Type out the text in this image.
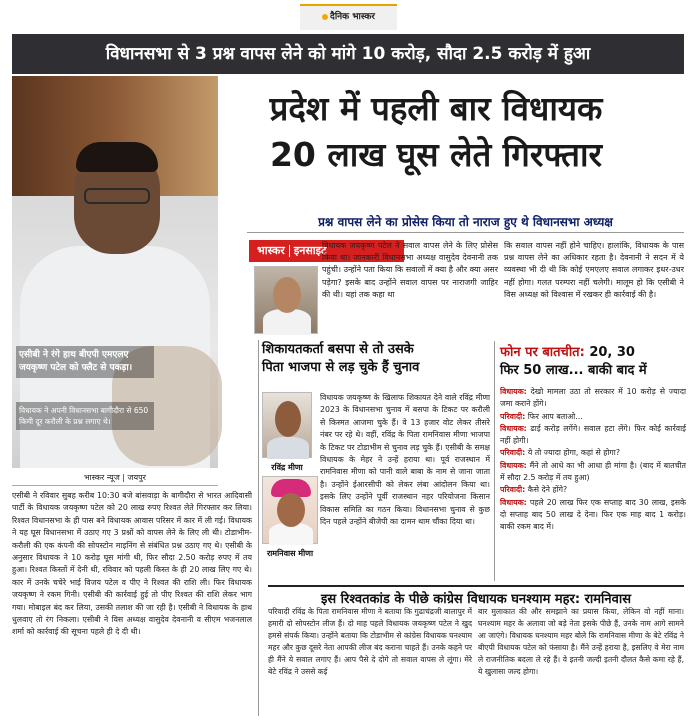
दैनिक भास्कर
विधानसभा से 3 प्रश्न वापस लेने को मांगे 10 करोड़, सौदा 2.5 करोड़ में हुआ
एसीबी ने रंगे हाथ बीएपी एमएलए जयकृष्ण पटेल को फ्लैट से पकड़ा।
विधायक ने अपनी विधानसभा बागीदौरा से 650 किमी दूर करौली के प्रश्न लगाए थे।
प्रदेश में पहली बार विधायक
20 लाख घूस लेते गिरफ्तार
प्रश्न वापस लेने का प्रोसेस किया तो नाराज हुए थे विधानसभा अध्यक्ष
भास्कर इनसाइट
विधायक जयकृष्ण पटेल ने सवाल वापस लेने के लिए प्रोसेस किया था। जानकारी विधानसभा अध्यक्ष वासुदेव देवनानी तक पहुंची। उन्होंने पता किया कि सवालों में क्या है और क्या असर पड़ेगा? इसके बाद उन्होंने सवाल वापस पर नाराजगी जाहिर की थी। यहां तक कहा था
कि सवाल वापस नहीं होने चाहिए। हालांकि, विधायक के पास प्रश्न वापस लेने का अधिकार रहता है। देवनानी ने सदन में ये व्यवस्था भी दी थी कि कोई एमएलए सवाल लगाकर इधर-उधर नहीं होगा। गलत परम्परा नहीं चलेगी। मालूम हो कि एसीबी ने विस अध्यक्ष को विश्वास में रखकर ही कार्रवाई की है।
भास्कर न्यूज | जयपुर
एसीबी ने रविवार सुबह करीब 10:30 बजे बांसवाड़ा के बागीदौरा से भारत आदिवासी पार्टी के विधायक जयकृष्ण पटेल को 20 लाख रुपए रिश्वत लेते गिरफ्तार कर लिया। रिश्वत विधानसभा के ही पास बने विधायक आवास परिसर में कार में ली गई। विधायक ने यह घूस विधानसभा में उठाए गए 3 प्रश्नों को वापस लेने के लिए ली थी। टोडाभीम-करौली की एक कंपनी की सोपस्टोन माइनिंग से संबंधित प्रश्न उठाए गए थे। एसीबी के अनुसार विधायक ने 10 करोड़ घूस मांगी थी, फिर सौदा 2.50 करोड़ रुपए में तय हुआ। रिश्वत किस्तों में देनी थी, रविवार को पहली किस्त के ही 20 लाख लिए गए थे। कार में उनके चचेरे भाई विजय पटेल व पीए ने रिश्वत की राशि ली। फिर विधायक जयकृष्ण ने रकम गिनी। एसीबी की कार्रवाई हुई तो पीए रिश्वत की राशि लेकर भाग गया। मोबाइल बंद कर लिया, उसकी तलाश की जा रही है। एसीबी ने विधायक के हाथ धुलवाए तो रंग निकला। एसीबी ने विस अध्यक्ष वासुदेव देवनानी व सीएम भजनलाल शर्मा को कार्रवाई की सूचना पहले ही दे दी थी।
शिकायतकर्ता बसपा से तो उसके
पिता भाजपा से लड़ चुके हैं चुनाव
रविंद्र मीणा
रामनिवास मीणा
विधायक जयकृष्ण के खिलाफ शिकायत देने वाले रविंद्र मीणा 2023 के विधानसभा चुनाव में बसपा के टिकट पर करौली से किस्मत आजमा चुके हैं। वे 13 हजार वोट लेकर तीसरे नंबर पर रहे थे। वहीं, रविंद्र के पिता रामनिवास मीणा भाजपा के टिकट पर टोडाभीम से चुनाव लड़ चुके हैं। एसीबी के समक्ष विधायक के मेहर ने उन्हें हराया था। पूर्व राजस्थान में रामनिवास मीणा को पानी वाले बाबा के नाम से जाना जाता है। उन्होंने ईआरसीपी को लेकर लंबा आंदोलन किया था। इसके लिए उन्होंने पूर्वी राजस्थान नहर परियोजना किसान विकास समिति का गठन किया। विधानसभा चुनाव से कुछ दिन पहले उन्होंने बीजेपी का दामन थाम चौंका दिया था।
फोन पर बातचीत: 20, 30
फिर 50 लाख... बाकी बाद में
विधायक: देखो मामला उठा तो सरकार में 10 करोड़ से ज्यादा जमा कराने होंगे।
परिवादी: फिर आप बताओ...
विधायक: ढाई करोड़ लगेंगे। सवाल हटा लेंगे। फिर कोई कार्रवाई नहीं होगी।
परिवादी: ये तो ज्यादा होगा, कहां से होगा?
विधायक: मैंने तो आधे का भी आधा ही मांगा है। (बाद में बातचीत में सौदा 2.5 करोड़ में तय हुआ)
परिवादी: कैसे देने होंगे?
विधायक: पहले 20 लाख फिर एक सप्ताह बाद 30 लाख, इसके दो सप्ताह बाद 50 लाख दे देना। फिर एक माह बाद 1 करोड़। बाकी रकम बाद में।
इस रिश्वतकांड के पीछे कांग्रेस विधायक घनश्याम महर: रामनिवास
परिवादी रविंद्र के पिता रामनिवास मीणा ने बताया कि गुढाचंद्रजी बालापुर में हमारी दो सोपस्टोन लीज हैं। दो माह पहले विधायक जयकृष्ण पटेल ने खुद हमसे संपर्क किया। उन्होंने बताया कि टोडाभीम से कांग्रेस विधायक घनश्याम महर और कुछ दूसरे नेता आपकी लीज बंद कराना चाहते हैं। उनके कहने पर ही मैंने ये सवाल लगाए हैं। आप पैसे दे दोगे तो सवाल वापस ले लूंगा। मेरे बेटे रविंद्र ने उससे कई
बार मुलाकात की और समझाने का प्रयास किया, लेकिन वो नहीं माना। घनश्याम महर के अलावा जो बड़े नेता इसके पीछे हैं, उनके नाम आगे सामने आ जाएंगे। विधायक घनश्याम महर बोले कि रामनिवास मीणा के बेटे रविंद्र ने बीएपी विधायक पटेल को फंसाया है। मैंने उन्हें हराया है, इसलिए वे मेरा नाम ले राजनीतिक बदला ले रहे हैं। वे इतनी जल्दी इतनी दौलत कैसे कमा रहे हैं, ये खुलासा जल्द होगा।
